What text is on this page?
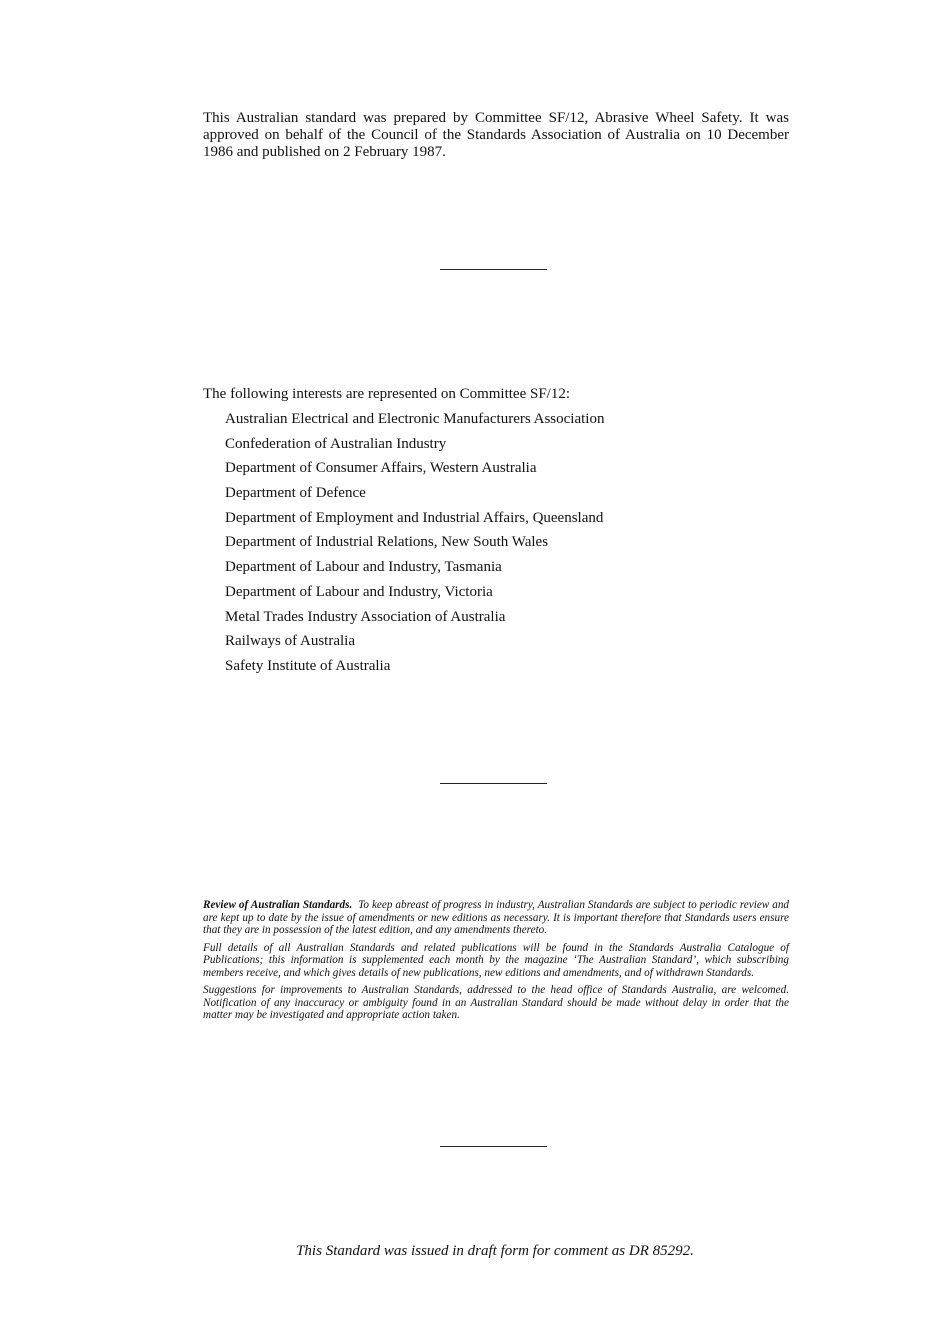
This Australian standard was prepared by Committee SF/12, Abrasive Wheel Safety. It was approved on behalf of the Council of the Standards Association of Australia on 10 December 1986 and published on 2 February 1987.

The following interests are represented on Committee SF/12:

Australian Electrical and Electronic Manufacturers Association
Confederation of Australian Industry
Department of Consumer Affairs, Western Australia
Department of Defence
Department of Employment and Industrial Affairs, Queensland
Department of Industrial Relations, New South Wales
Department of Labour and Industry, Tasmania
Department of Labour and Industry, Victoria
Metal Trades Industry Association of Australia
Railways of Australia
Safety Institute of Australia

Review of Australian Standards. To keep abreast of progress in industry, Australian Standards are subject to periodic review and are kept up to date by the issue of amendments or new editions as necessary. It is important therefore that Standards users ensure that they are in possession of the latest edition, and any amendments thereto.

Full details of all Australian Standards and related publications will be found in the Standards Australia Catalogue of Publications; this information is supplemented each month by the magazine ‘The Australian Standard’, which subscribing members receive, and which gives details of new publications, new editions and amendments, and of withdrawn Standards.

Suggestions for improvements to Australian Standards, addressed to the head office of Standards Australia, are welcomed. Notification of any inaccuracy or ambiguity found in an Australian Standard should be made without delay in order that the matter may be investigated and appropriate action taken.

This Standard was issued in draft form for comment as DR 85292.
